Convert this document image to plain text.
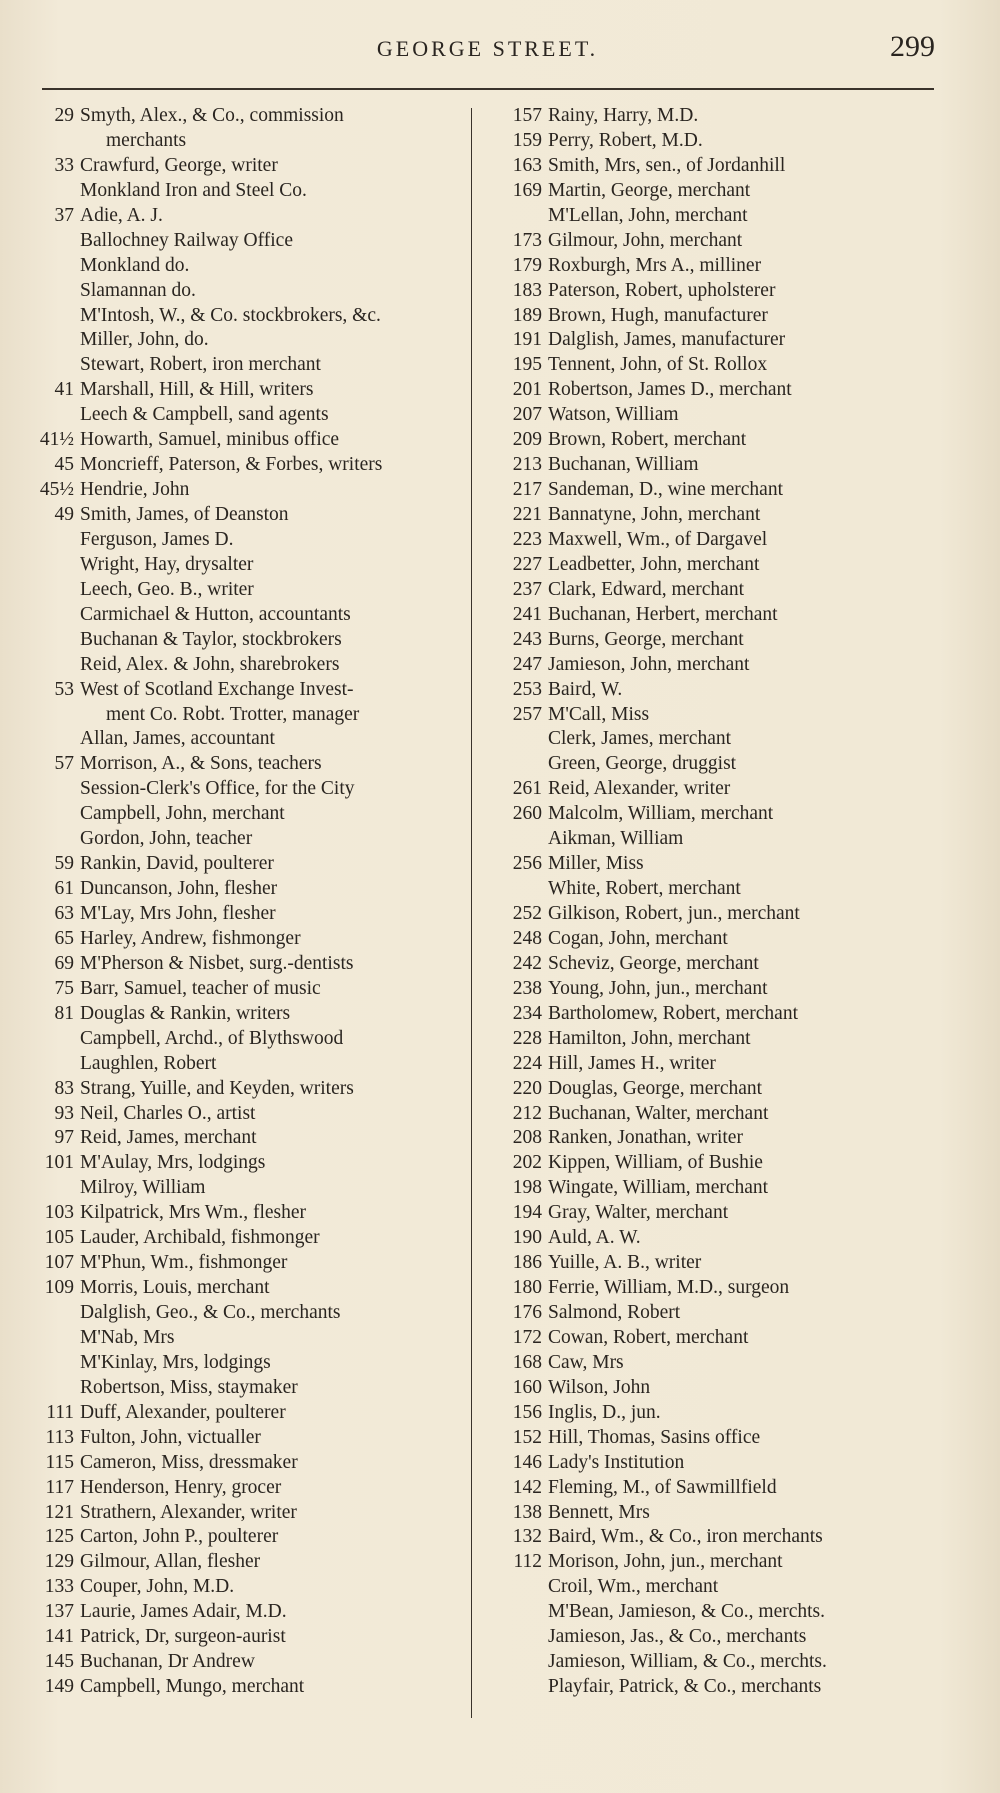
GEORGE STREET.	299
29 Smyth, Alex., & Co., commission
merchants
33 Crawfurd, George, writer
Monkland Iron and Steel Co.
37 Adie, A. J.
Ballochney Railway Office
Monkland do.
Slamannan do.
M'Intosh, W., & Co. stockbrokers, &c.
Miller, John, do.
Stewart, Robert, iron merchant
41 Marshall, Hill, & Hill, writers
Leech & Campbell, sand agents
41½ Howarth, Samuel, minibus office
45 Moncrieff, Paterson, & Forbes, writers
45½ Hendrie, John
49 Smith, James, of Deanston
Ferguson, James D.
Wright, Hay, drysalter
Leech, Geo. B., writer
Carmichael & Hutton, accountants
Buchanan & Taylor, stockbrokers
Reid, Alex. & John, sharebrokers
53 West of Scotland Exchange Invest-
ment Co. Robt. Trotter, manager
Allan, James, accountant
57 Morrison, A., & Sons, teachers
Session-Clerk's Office, for the City
Campbell, John, merchant
Gordon, John, teacher
59 Rankin, David, poulterer
61 Duncanson, John, flesher
63 M'Lay, Mrs John, flesher
65 Harley, Andrew, fishmonger
69 M'Pherson & Nisbet, surg.-dentists
75 Barr, Samuel, teacher of music
81 Douglas & Rankin, writers
Campbell, Archd., of Blythswood
Laughlen, Robert
83 Strang, Yuille, and Keyden, writers
93 Neil, Charles O., artist
97 Reid, James, merchant
101 M'Aulay, Mrs, lodgings
Milroy, William
103 Kilpatrick, Mrs Wm., flesher
105 Lauder, Archibald, fishmonger
107 M'Phun, Wm., fishmonger
109 Morris, Louis, merchant
Dalglish, Geo., & Co., merchants
M'Nab, Mrs
M'Kinlay, Mrs, lodgings
Robertson, Miss, staymaker
111 Duff, Alexander, poulterer
113 Fulton, John, victualler
115 Cameron, Miss, dressmaker
117 Henderson, Henry, grocer
121 Strathern, Alexander, writer
125 Carton, John P., poulterer
129 Gilmour, Allan, flesher
133 Couper, John, M.D.
137 Laurie, James Adair, M.D.
141 Patrick, Dr, surgeon-aurist
145 Buchanan, Dr Andrew
149 Campbell, Mungo, merchant
157 Rainy, Harry, M.D.
159 Perry, Robert, M.D.
163 Smith, Mrs, sen., of Jordanhill
169 Martin, George, merchant
M'Lellan, John, merchant
173 Gilmour, John, merchant
179 Roxburgh, Mrs A., milliner
183 Paterson, Robert, upholsterer
189 Brown, Hugh, manufacturer
191 Dalglish, James, manufacturer
195 Tennent, John, of St. Rollox
201 Robertson, James D., merchant
207 Watson, William
209 Brown, Robert, merchant
213 Buchanan, William
217 Sandeman, D., wine merchant
221 Bannatyne, John, merchant
223 Maxwell, Wm., of Dargavel
227 Leadbetter, John, merchant
237 Clark, Edward, merchant
241 Buchanan, Herbert, merchant
243 Burns, George, merchant
247 Jamieson, John, merchant
253 Baird, W.
257 M'Call, Miss
Clerk, James, merchant
Green, George, druggist
261 Reid, Alexander, writer
260 Malcolm, William, merchant
Aikman, William
256 Miller, Miss
White, Robert, merchant
252 Gilkison, Robert, jun., merchant
248 Cogan, John, merchant
242 Scheviz, George, merchant
238 Young, John, jun., merchant
234 Bartholomew, Robert, merchant
228 Hamilton, John, merchant
224 Hill, James H., writer
220 Douglas, George, merchant
212 Buchanan, Walter, merchant
208 Ranken, Jonathan, writer
202 Kippen, William, of Bushie
198 Wingate, William, merchant
194 Gray, Walter, merchant
190 Auld, A. W.
186 Yuille, A. B., writer
180 Ferrie, William, M.D., surgeon
176 Salmond, Robert
172 Cowan, Robert, merchant
168 Caw, Mrs
160 Wilson, John
156 Inglis, D., jun.
152 Hill, Thomas, Sasins office
146 Lady's Institution
142 Fleming, M., of Sawmillfield
138 Bennett, Mrs
132 Baird, Wm., & Co., iron merchants
112 Morison, John, jun., merchant
Croil, Wm., merchant
M'Bean, Jamieson, & Co., merchts.
Jamieson, Jas., & Co., merchants
Jamieson, William, & Co., merchts.
Playfair, Patrick, & Co., merchants
